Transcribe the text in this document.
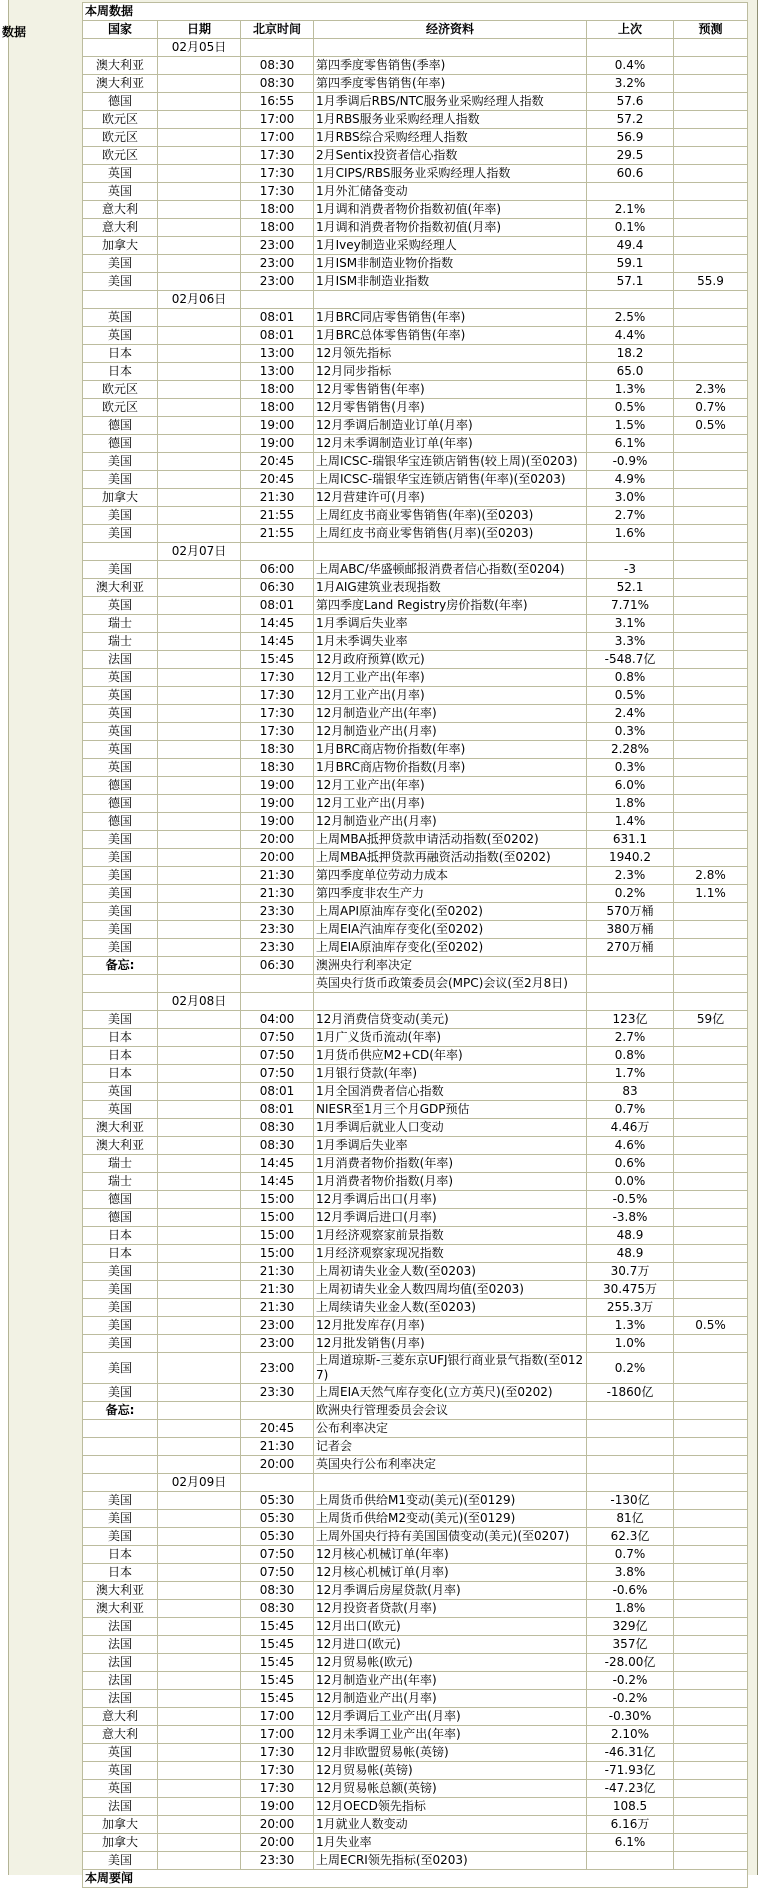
数据
本周数据					
国家	日期	北京时间	经济资料	上次	预测
	02月05日				
澳大利亚		08:30	第四季度零售销售(季率)	0.4%	
澳大利亚		08:30	第四季度零售销售(年率)	3.2%	
德国		16:55	1月季调后RBS/NTC服务业采购经理人指数	57.6	
欧元区		17:00	1月RBS服务业采购经理人指数	57.2	
欧元区		17:00	1月RBS综合采购经理人指数	56.9	
欧元区		17:30	2月Sentix投资者信心指数	29.5	
英国		17:30	1月CIPS/RBS服务业采购经理人指数	60.6	
英国		17:30	1月外汇储备变动		
意大利		18:00	1月调和消费者物价指数初值(年率)	2.1%	
意大利		18:00	1月调和消费者物价指数初值(月率)	0.1%	
加拿大		23:00	1月Ivey制造业采购经理人	49.4	
美国		23:00	1月ISM非制造业物价指数	59.1	
美国		23:00	1月ISM非制造业指数	57.1	55.9
	02月06日				
英国		08:01	1月BRC同店零售销售(年率)	2.5%	
英国		08:01	1月BRC总体零售销售(年率)	4.4%	
日本		13:00	12月领先指标	18.2	
日本		13:00	12月同步指标	65.0	
欧元区		18:00	12月零售销售(年率)	1.3%	2.3%
欧元区		18:00	12月零售销售(月率)	0.5%	0.7%
德国		19:00	12月季调后制造业订单(月率)	1.5%	0.5%
德国		19:00	12月未季调制造业订单(年率)	6.1%	
美国		20:45	上周ICSC-瑞银华宝连锁店销售(较上周)(至0203)	-0.9%	
美国		20:45	上周ICSC-瑞银华宝连锁店销售(年率)(至0203)	4.9%	
加拿大		21:30	12月营建许可(月率)	3.0%	
美国		21:55	上周红皮书商业零售销售(年率)(至0203)	2.7%	
美国		21:55	上周红皮书商业零售销售(月率)(至0203)	1.6%	
	02月07日				
美国		06:00	上周ABC/华盛顿邮报消费者信心指数(至0204)	-3	
澳大利亚		06:30	1月AIG建筑业表现指数	52.1	
英国		08:01	第四季度Land Registry房价指数(年率)	7.71%	
瑞士		14:45	1月季调后失业率	3.1%	
瑞士		14:45	1月未季调失业率	3.3%	
法国		15:45	12月政府预算(欧元)	-548.7亿	
英国		17:30	12月工业产出(年率)	0.8%	
英国		17:30	12月工业产出(月率)	0.5%	
英国		17:30	12月制造业产出(年率)	2.4%	
英国		17:30	12月制造业产出(月率)	0.3%	
英国		18:30	1月BRC商店物价指数(年率)	2.28%	
英国		18:30	1月BRC商店物价指数(月率)	0.3%	
德国		19:00	12月工业产出(年率)	6.0%	
德国		19:00	12月工业产出(月率)	1.8%	
德国		19:00	12月制造业产出(月率)	1.4%	
美国		20:00	上周MBA抵押贷款申请活动指数(至0202)	631.1	
美国		20:00	上周MBA抵押贷款再融资活动指数(至0202)	1940.2	
美国		21:30	第四季度单位劳动力成本	2.3%	2.8%
美国		21:30	第四季度非农生产力	0.2%	1.1%
美国		23:30	上周API原油库存变化(至0202)	570万桶	
美国		23:30	上周EIA汽油库存变化(至0202)	380万桶	
美国		23:30	上周EIA原油库存变化(至0202)	270万桶	
备忘:		06:30	澳洲央行利率决定		
			英国央行货币政策委员会(MPC)会议(至2月8日)		
	02月08日				
美国		04:00	12月消费信贷变动(美元)	123亿	59亿
日本		07:50	1月广义货币流动(年率)	2.7%	
日本		07:50	1月货币供应M2+CD(年率)	0.8%	
日本		07:50	1月银行贷款(年率)	1.7%	
英国		08:01	1月全国消费者信心指数	83	
英国		08:01	NIESR至1月三个月GDP预估	0.7%	
澳大利亚		08:30	1月季调后就业人口变动	4.46万	
澳大利亚		08:30	1月季调后失业率	4.6%	
瑞士		14:45	1月消费者物价指数(年率)	0.6%	
瑞士		14:45	1月消费者物价指数(月率)	0.0%	
德国		15:00	12月季调后出口(月率)	-0.5%	
德国		15:00	12月季调后进口(月率)	-3.8%	
日本		15:00	1月经济观察家前景指数	48.9	
日本		15:00	1月经济观察家现况指数	48.9	
美国		21:30	上周初请失业金人数(至0203)	30.7万	
美国		21:30	上周初请失业金人数四周均值(至0203)	30.475万	
美国		21:30	上周续请失业金人数(至0203)	255.3万	
美国		23:00	12月批发库存(月率)	1.3%	0.5%
美国		23:00	12月批发销售(月率)	1.0%	
美国		23:00	上周道琼斯-三菱东京UFJ银行商业景气指数(至0127)	0.2%	
美国		23:30	上周EIA天然气库存变化(立方英尺)(至0202)	-1860亿	
备忘:			欧洲央行管理委员会会议		
		20:45	公布利率决定		
		21:30	记者会		
		20:00	英国央行公布利率决定		
	02月09日				
美国		05:30	上周货币供给M1变动(美元)(至0129)	-130亿	
美国		05:30	上周货币供给M2变动(美元)(至0129)	81亿	
美国		05:30	上周外国央行持有美国国债变动(美元)(至0207)	62.3亿	
日本		07:50	12月核心机械订单(年率)	0.7%	
日本		07:50	12月核心机械订单(月率)	3.8%	
澳大利亚		08:30	12月季调后房屋贷款(月率)	-0.6%	
澳大利亚		08:30	12月投资者贷款(月率)	1.8%	
法国		15:45	12月出口(欧元)	329亿	
法国		15:45	12月进口(欧元)	357亿	
法国		15:45	12月贸易帐(欧元)	-28.00亿	
法国		15:45	12月制造业产出(年率)	-0.2%	
法国		15:45	12月制造业产出(月率)	-0.2%	
意大利		17:00	12月季调后工业产出(月率)	-0.30%	
意大利		17:00	12月未季调工业产出(年率)	2.10%	
英国		17:30	12月非欧盟贸易帐(英镑)	-46.31亿	
英国		17:30	12月贸易帐(英镑)	-71.93亿	
英国		17:30	12月贸易帐总额(英镑)	-47.23亿	
法国		19:00	12月OECD领先指标	108.5	
加拿大		20:00	1月就业人数变动	6.16万	
加拿大		20:00	1月失业率	6.1%	
美国		23:30	上周ECRI领先指标(至0203)		
本周要闻					
